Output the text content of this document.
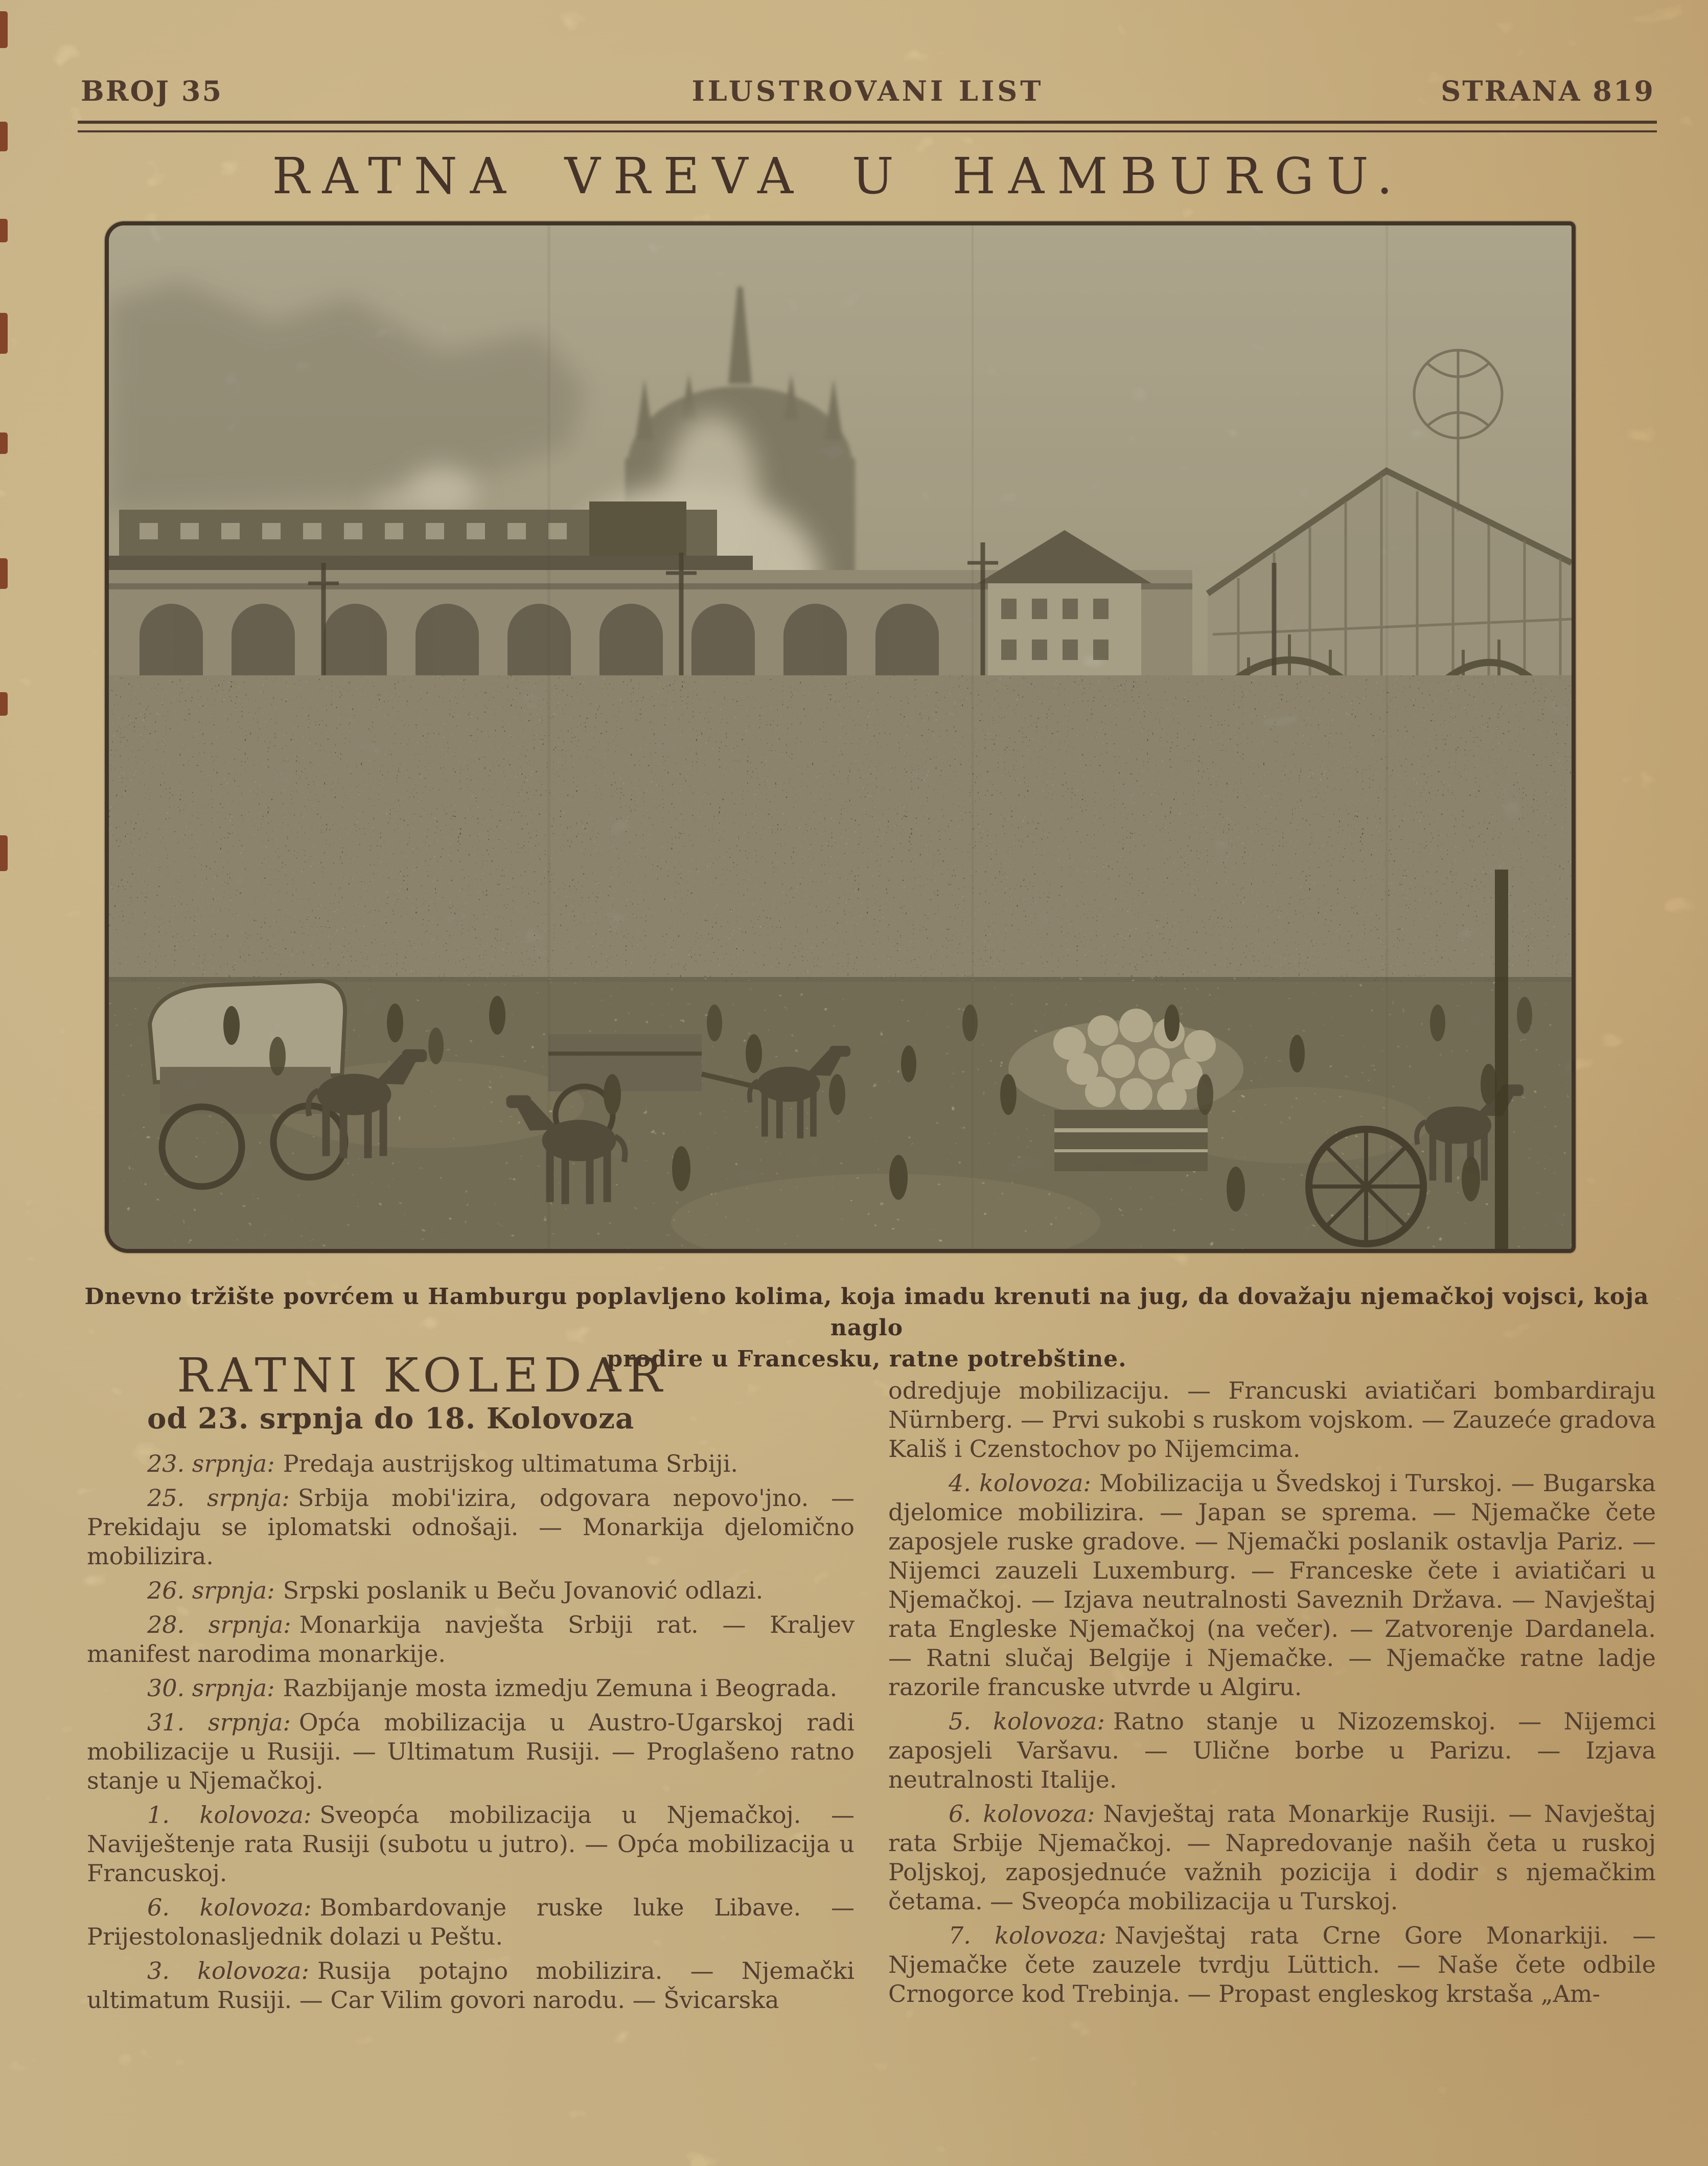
BROJ 35	ILUSTROVANI LIST	STRANA 819
RATNA VREVA U HAMBURGU.
Dnevno tržište povrćem u Hamburgu poplavljeno kolima, koja imadu krenuti na jug, da dovažaju njemačkoj vojsci, koja naglo
prodire u Francesku, ratne potrebštine.
RATNI KOLEDAR
od 23. srpnja do 18. Kolovoza

23. srpnja: Predaja austrijskog ultimatuma Srbiji.

25. srpnja: Srbija mobi'izira, odgovara nepovo'jno. — Prekidaju se iplomatski odnošaji. — Monarkija djelomično mobilizira.

26. srpnja: Srpski poslanik u Beču Jovanović odlazi.

28. srpnja: Monarkija navješta Srbiji rat. — Kraljev manifest narodima monarkije.

30. srpnja: Razbijanje mosta izmedju Zemuna i Beograda.

31. srpnja: Opća mobilizacija u Austro-Ugarskoj radi mobilizacije u Rusiji. — Ultimatum Rusiji. — Proglašeno ratno stanje u Njemačkoj.

1. kolovoza: Sveopća mobilizacija u Njemačkoj. — Naviještenje rata Rusiji (subotu u jutro). — Opća mobilizacija u Francuskoj.

6. kolovoza: Bombardovanje ruske luke Libave. — Prijestolonasljednik dolazi u Peštu.

3. kolovoza: Rusija potajno mobilizira. — Njemački ultimatum Rusiji. — Car Vilim govori narodu. — Švicarska

odredjuje mobilizaciju. — Francuski aviatičari bombardiraju Nürnberg. — Prvi sukobi s ruskom vojskom. — Zauzeće gradova Kališ i Czenstochov po Nijemcima.

4. kolovoza: Mobilizacija u Švedskoj i Turskoj. — Bugarska djelomice mobilizira. — Japan se sprema. — Njemačke čete zaposjele ruske gradove. — Njemački poslanik ostavlja Pariz. — Nijemci zauzeli Luxemburg. — Franceske čete i aviatičari u Njemačkoj. — Izjava neutralnosti Saveznih Država. — Navještaj rata Engleske Njemačkoj (na večer). — Zatvorenje Dardanela. — Ratni slučaj Belgije i Njemačke. — Njemačke ratne ladje razorile francuske utvrde u Algiru.

5. kolovoza: Ratno stanje u Nizozemskoj. — Nijemci zaposjeli Varšavu. — Ulične borbe u Parizu. — Izjava neutralnosti Italije.

6. kolovoza: Navještaj rata Monarkije Rusiji. — Navještaj rata Srbije Njemačkoj. — Napredovanje naših četa u ruskoj Poljskoj, zaposjednuće važnih pozicija i dodir s njemačkim četama. — Sveopća mobilizacija u Turskoj.

7. kolovoza: Navještaj rata Crne Gore Monarkiji. — Njemačke čete zauzele tvrdju Lüttich. — Naše čete odbile Crnogorce kod Trebinja. — Propast engleskog krstaša „Am-
